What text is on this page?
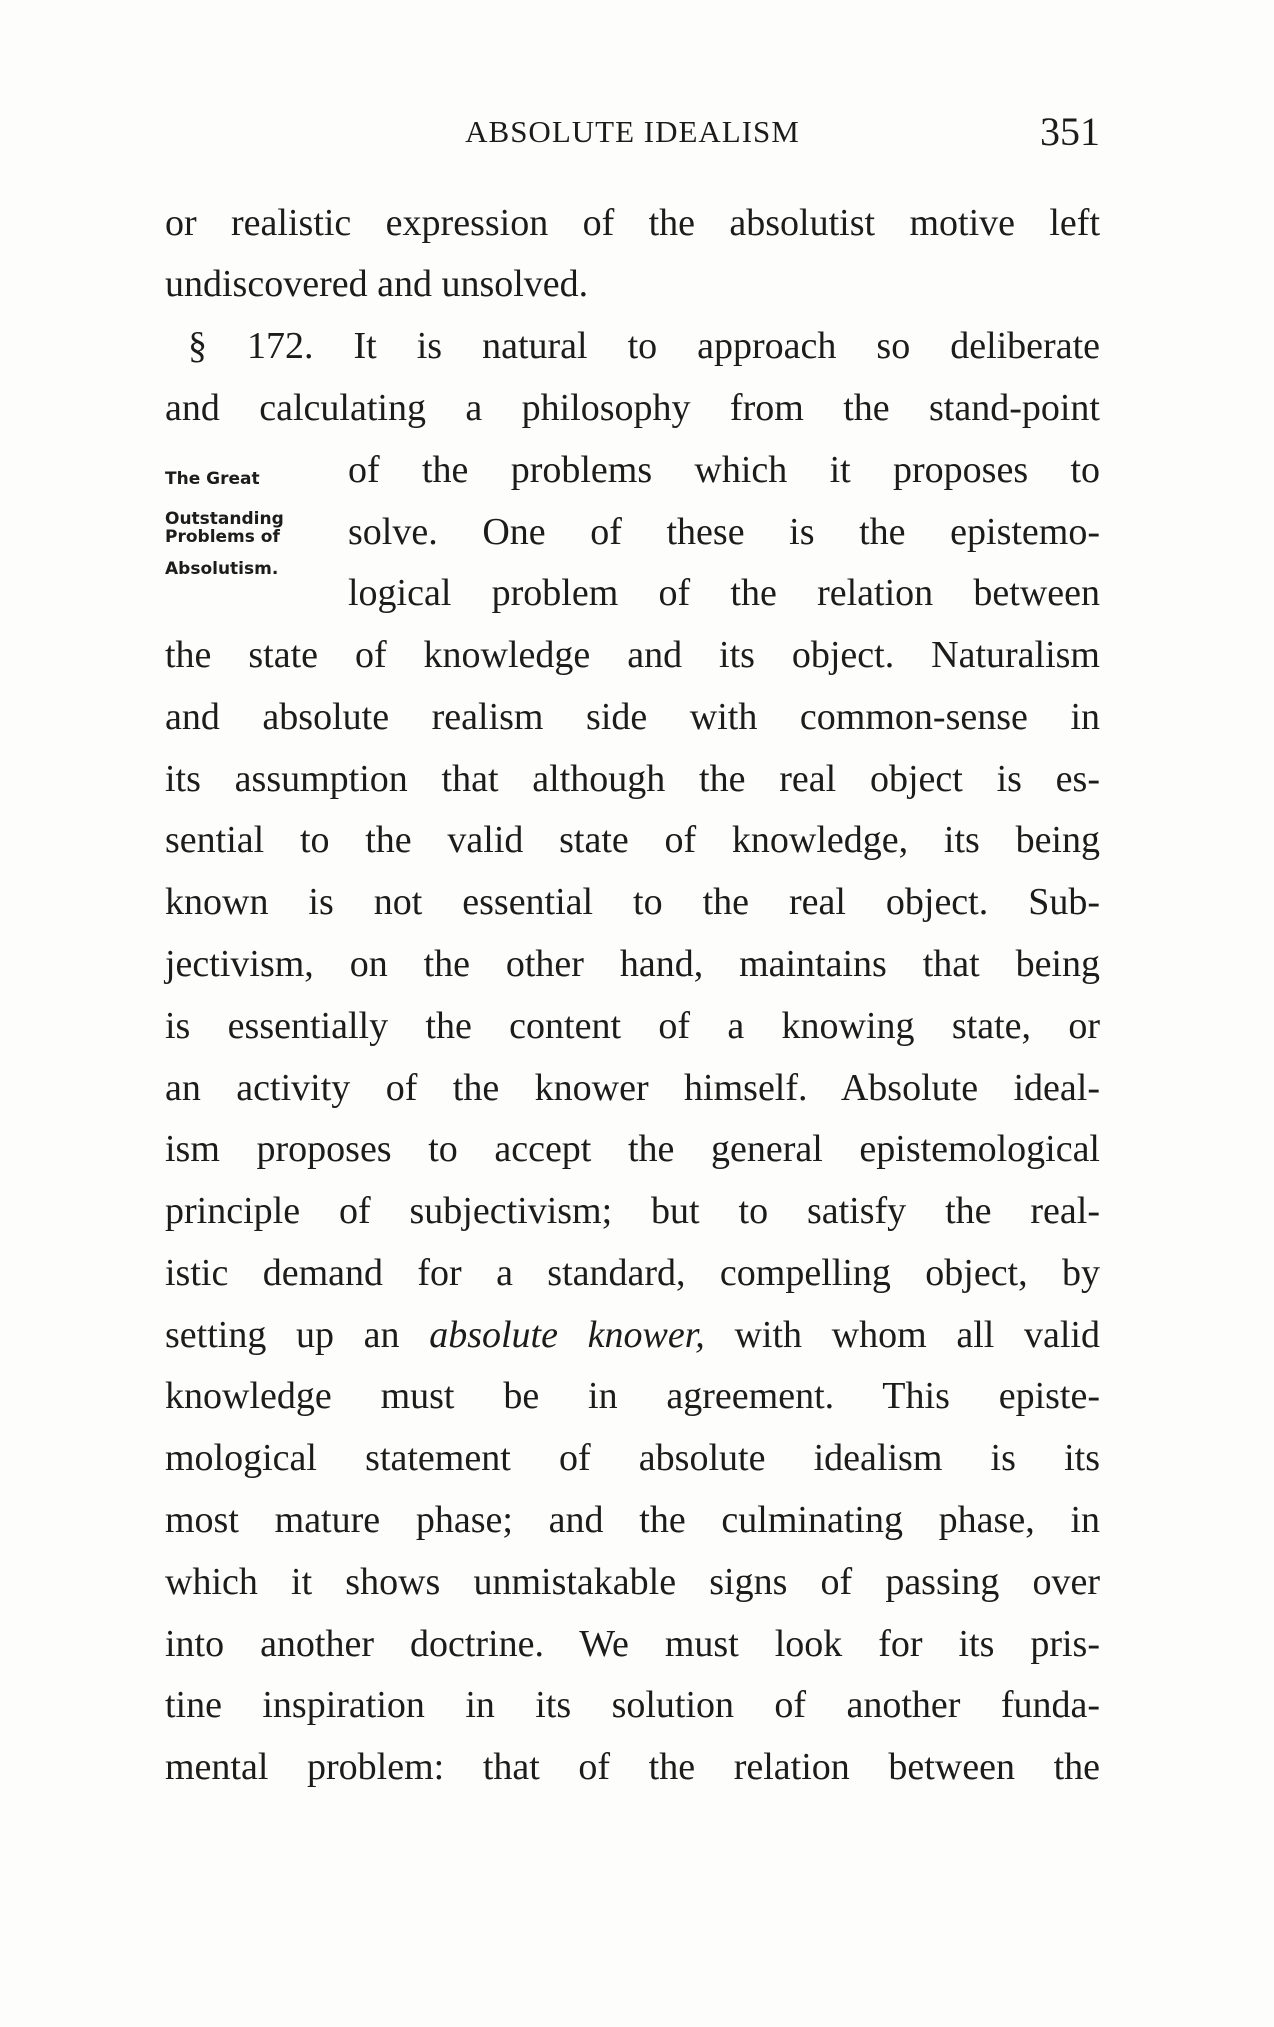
ABSOLUTE IDEALISM	351
The Great
Outstanding
Problems of
Absolutism.
or realistic expression of the absolutist motive left
undiscovered and unsolved.
§ 172. It is natural to approach so deliberate
and calculating a philosophy from the stand-point
of the problems which it proposes to
solve. One of these is the epistemo-
logical problem of the relation between
the state of knowledge and its object. Naturalism
and absolute realism side with common-sense in
its assumption that although the real object is es-
sential to the valid state of knowledge, its being
known is not essential to the real object. Sub-
jectivism, on the other hand, maintains that being
is essentially the content of a knowing state, or
an activity of the knower himself. Absolute ideal-
ism proposes to accept the general epistemological
principle of subjectivism; but to satisfy the real-
istic demand for a standard, compelling object, by
setting up an absolute knower, with whom all valid
knowledge must be in agreement. This episte-
mological statement of absolute idealism is its
most mature phase; and the culminating phase, in
which it shows unmistakable signs of passing over
into another doctrine. We must look for its pris-
tine inspiration in its solution of another funda-
mental problem: that of the relation between the
